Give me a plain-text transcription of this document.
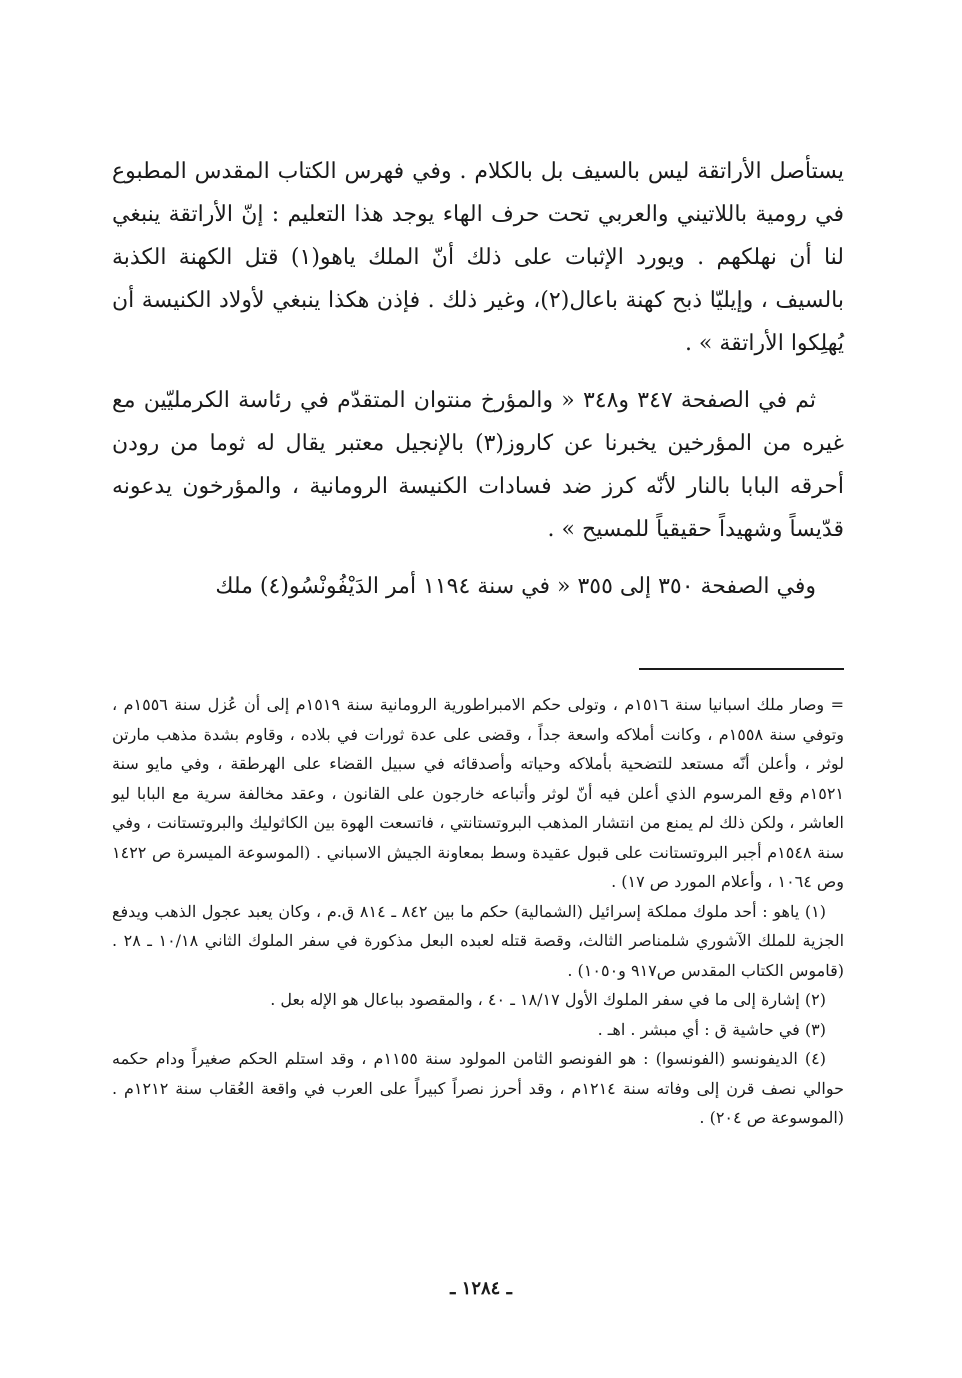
يستأصل الأراتقة ليس بالسيف بل بالكلام . وفي فهرس الكتاب المقدس المطبوع في رومية باللاتيني والعربي تحت حرف الهاء يوجد هذا التعليم : إنّ الأراتقة ينبغي لنا أن نهلكهم . ويورد الإثبات على ذلك أنّ الملك ياهو(١) قتل الكهنة الكذبة بالسيف ، وإيليّا ذبح كهنة باعال(٢)، وغير ذلك . فإذن هكذا ينبغي لأولاد الكنيسة أن يُهلِكوا الأراتقة » .

ثم في الصفحة ٣٤٧ و٣٤٨ « والمؤرخ منتوان المتقدّم في رئاسة الكرمليّين مع غيره من المؤرخين يخبرنا عن كاروز(٣) بالإنجيل معتبر يقال له ثوما من رودن أحرقه البابا بالنار لأنّه كرز ضد فسادات الكنيسة الرومانية ، والمؤرخون يدعونه قدّيساً وشهيداً حقيقياً للمسيح » .

وفي الصفحة ٣٥٠ إلى ٣٥٥ « في سنة ١١٩٤ أمر الدَيْفُونْسُو(٤) ملك

= وصار ملك اسبانيا سنة ١٥١٦م ، وتولى حكم الامبراطورية الرومانية سنة ١٥١٩م إلى أن عُزل سنة ١٥٥٦م ، وتوفي سنة ١٥٥٨م ، وكانت أملاكه واسعة جداً ، وقضى على عدة ثورات في بلاده ، وقاوم بشدة مذهب مارتن لوثر ، وأعلن أنّه مستعد للتضحية بأملاكه وحياته وأصدقائه في سبيل القضاء على الهرطقة ، وفي مايو سنة ١٥٢١م وقع المرسوم الذي أعلن فيه أنّ لوثر وأتباعه خارجون على القانون ، وعقد مخالفة سرية مع البابا ليو العاشر ، ولكن ذلك لم يمنع من انتشار المذهب البروتستانتي ، فاتسعت الهوة بين الكاثوليك والبروتستانت ، وفي سنة ١٥٤٨م أجبر البروتستانت على قبول عقيدة وسط بمعاونة الجيش الاسباني . (الموسوعة الميسرة ص ١٤٢٢ وص ١٠٦٤ ، وأعلام المورد ص ١٧) .

(١) ياهو : أحد ملوك مملكة إسرائيل (الشمالية) حكم ما بين ٨٤٢ ـ ٨١٤ ق.م ، وكان يعبد عجول الذهب ويدفع الجزية للملك الآشوري شلمناصر الثالث، وقصة قتله لعبده البعل مذكورة في سفر الملوك الثاني ١٠/١٨ ـ ٢٨ . (قاموس الكتاب المقدس ص٩١٧ و١٠٥٠) .

(٢) إشارة إلى ما في سفر الملوك الأول ١٨/١٧ ـ ٤٠ ، والمقصود بباعال هو الإله بعل .

(٣) في حاشية ق : أي مبشر . اهـ .

(٤) الديفونسو (الفونسوا) : هو الفونصو الثامن المولود سنة ١١٥٥م ، وقد استلم الحكم صغيراً ودام حكمه حوالي نصف قرن إلى وفاته سنة ١٢١٤م ، وقد أحرز نصراً كبيراً على العرب في واقعة العُقاب سنة ١٢١٢م . (الموسوعة ص ٢٠٤) .

ـ ١٢٨٤ ـ
